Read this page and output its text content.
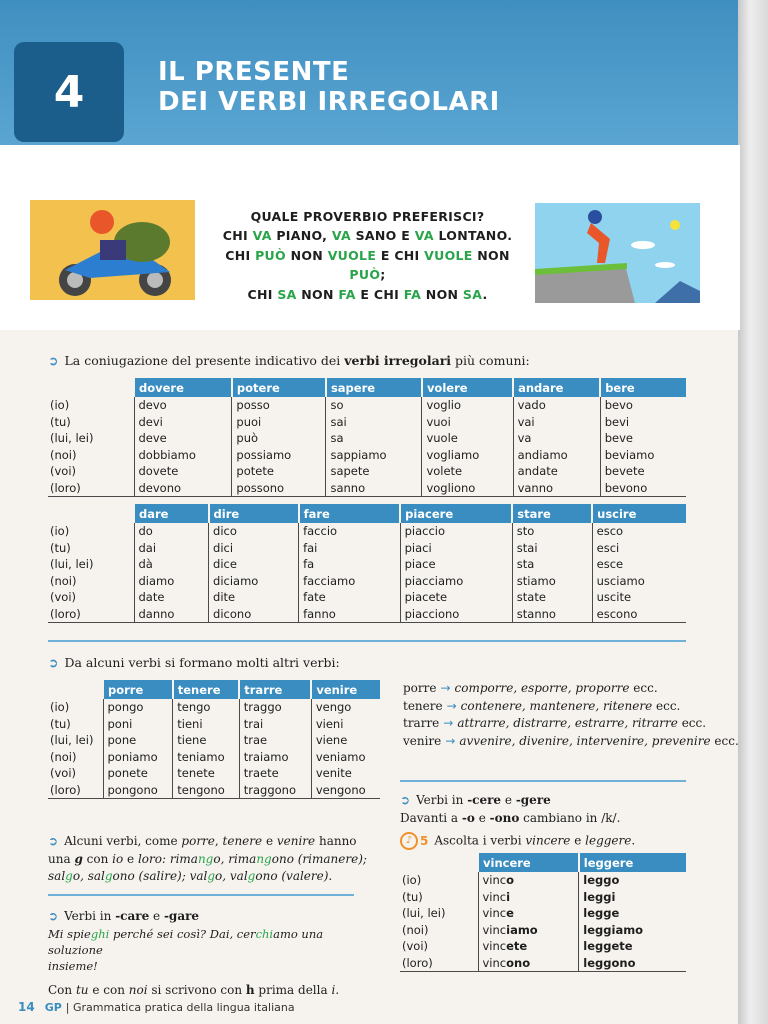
4	IL PRESENTE
DEI VERBI IRREGOLARI
QUALE PROVERBIO PREFERISCI?
CHI VA PIANO, VA SANO E VA LONTANO.
CHI PUÒ NON VUOLE E CHI VUOLE NON PUÒ;
CHI SA NON FA E CHI FA NON SA.
➲ La coniugazione del presente indicativo dei verbi irregolari più comuni:
	dovere	potere	sapere	volere	andare	bere
(io)	devo	posso	so	voglio	vado	bevo
(tu)	devi	puoi	sai	vuoi	vai	bevi
(lui, lei)	deve	può	sa	vuole	va	beve
(noi)	dobbiamo	possiamo	sappiamo	vogliamo	andiamo	beviamo
(voi)	dovete	potete	sapete	volete	andate	bevete
(loro)	devono	possono	sanno	vogliono	vanno	bevono
	dare	dire	fare	piacere	stare	uscire
(io)	do	dico	faccio	piaccio	sto	esco
(tu)	dai	dici	fai	piaci	stai	esci
(lui, lei)	dà	dice	fa	piace	sta	esce
(noi)	diamo	diciamo	facciamo	piacciamo	stiamo	usciamo
(voi)	date	dite	fate	piacete	state	uscite
(loro)	danno	dicono	fanno	piacciono	stanno	escono
➲ Da alcuni verbi si formano molti altri verbi:
	porre	tenere	trarre	venire
(io)	pongo	tengo	traggo	vengo
(tu)	poni	tieni	trai	vieni
(lui, lei)	pone	tiene	trae	viene
(noi)	poniamo	teniamo	traiamo	veniamo
(voi)	ponete	tenete	traete	venite
(loro)	pongono	tengono	traggono	vengono
porre → comporre, esporre, proporre ecc.
tenere → contenere, mantenere, ritenere ecc.
trarre → attrarre, distrarre, estrarre, ritrarre ecc.
venire → avvenire, divenire, intervenire, prevenire ecc.
➲ Alcuni verbi, come porre, tenere e venire hanno
una g con io e loro: rimango, rimangono (rimanere);
salgo, salgono (salire); valgo, valgono (valere).
➲ Verbi in -care e -gare
Mi spieghi perché sei così? Dai, cerchiamo una soluzione
insieme!
Con tu e con noi si scrivono con h prima della i.
➲ Verbi in -cere e -gere
Davanti a -o e -ono cambiano in /k/.
♪ 5 Ascolta i verbi vincere e leggere.
	vincere	leggere
(io)	vinco	leggo
(tu)	vinci	leggi
(lui, lei)	vince	legge
(noi)	vinciamo	leggiamo
(voi)	vincete	leggete
(loro)	vincono	leggono
14 GP | Grammatica pratica della lingua italiana
